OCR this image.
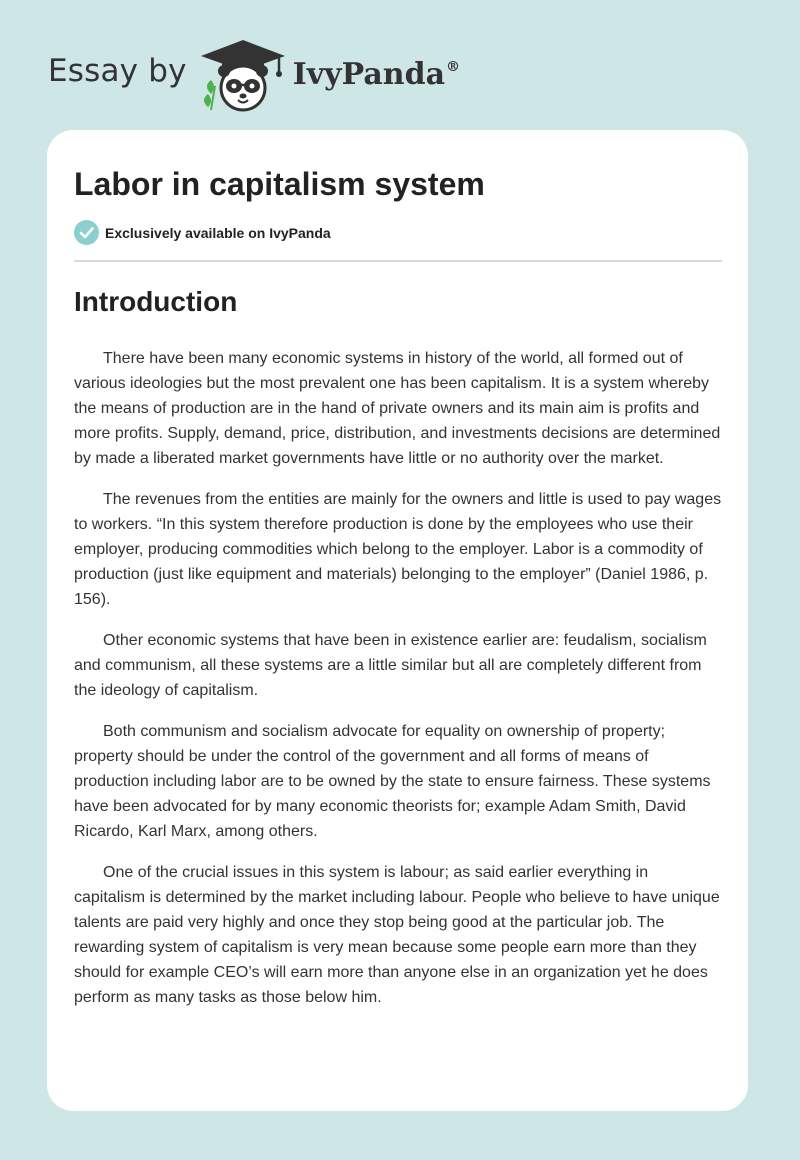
Essay by	IvyPanda®
Labor in capitalism system
Exclusively available on IvyPanda
Introduction

There have been many economic systems in history of the world, all formed out of various ideologies but the most prevalent one has been capitalism. It is a system whereby the means of production are in the hand of private owners and its main aim is profits and more profits. Supply, demand, price, distribution, and investments decisions are determined by made a liberated market governments have little or no authority over the market.

The revenues from the entities are mainly for the owners and little is used to pay wages to workers. “In this system therefore production is done by the employees who use their employer, producing commodities which belong to the employer. Labor is a commodity of production (just like equipment and materials) belonging to the employer” (Daniel 1986, p. 156).

Other economic systems that have been in existence earlier are: feudalism, socialism and communism, all these systems are a little similar but all are completely different from the ideology of capitalism.

Both communism and socialism advocate for equality on ownership of property; property should be under the control of the government and all forms of means of production including labor are to be owned by the state to ensure fairness. These systems have been advocated for by many economic theorists for; example Adam Smith, David Ricardo, Karl Marx, among others.

One of the crucial issues in this system is labour; as said earlier everything in capitalism is determined by the market including labour. People who believe to have unique talents are paid very highly and once they stop being good at the particular job. The rewarding system of capitalism is very mean because some people earn more than they should for example CEO’s will earn more than anyone else in an organization yet he does perform as many tasks as those below him.
